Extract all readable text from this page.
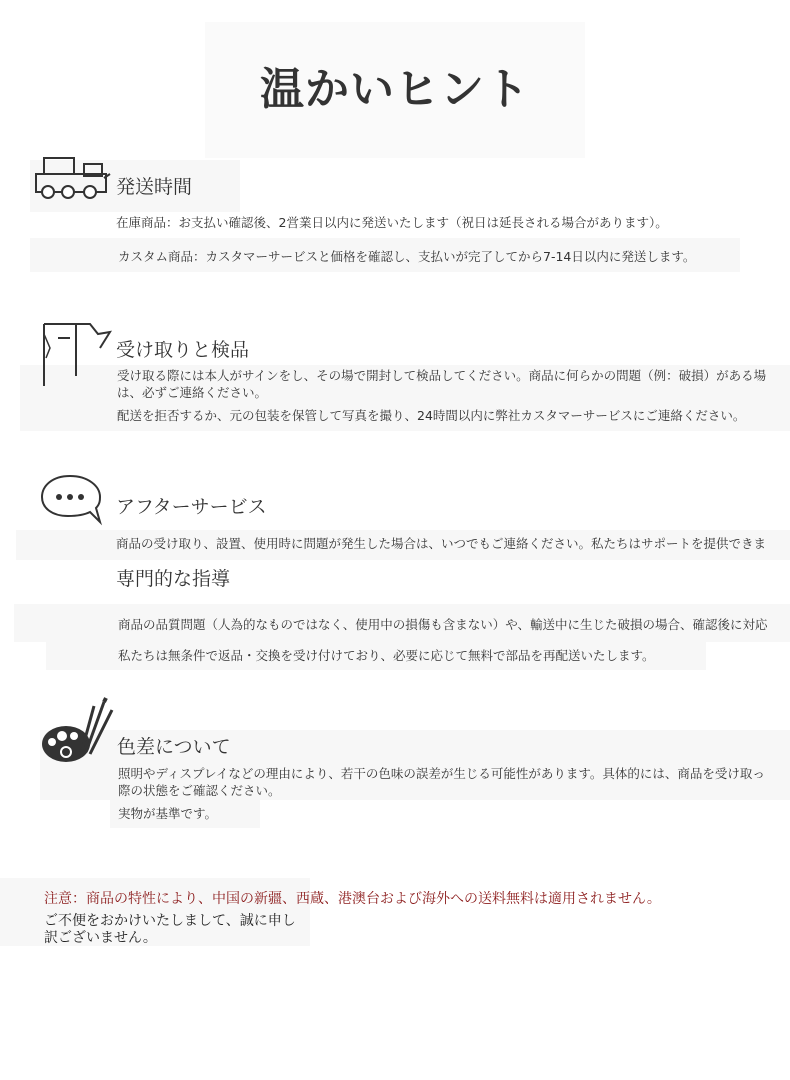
温かいヒント
発送時間
在庫商品：お支払い確認後、2営業日以内に発送いたします（祝日は延長される場合があります）。
カスタム商品：カスタマーサービスと価格を確認し、支払いが完了してから7-14日以内に発送します。
受け取りと検品
受け取る際には本人がサインをし、その場で開封して検品してください。商品に何らかの問題（例：破損）がある場
は、必ずご連絡ください。
配送を拒否するか、元の包装を保管して写真を撮り、24時間以内に弊社カスタマーサービスにご連絡ください。
アフターサービス
商品の受け取り、設置、使用時に問題が発生した場合は、いつでもご連絡ください。私たちはサポートを提供できま
専門的な指導
商品の品質問題（人為的なものではなく、使用中の損傷も含まない）や、輸送中に生じた破損の場合、確認後に対応
私たちは無条件で返品・交換を受け付けており、必要に応じて無料で部品を再配送いたします。
色差について
照明やディスプレイなどの理由により、若干の色味の誤差が生じる可能性があります。具体的には、商品を受け取っ
際の状態をご確認ください。
実物が基準です。
注意：商品の特性により、中国の新疆、西蔵、港澳台および海外への送料無料は適用されません。
ご不便をおかけいたしまして、誠に申し訳ございません。
